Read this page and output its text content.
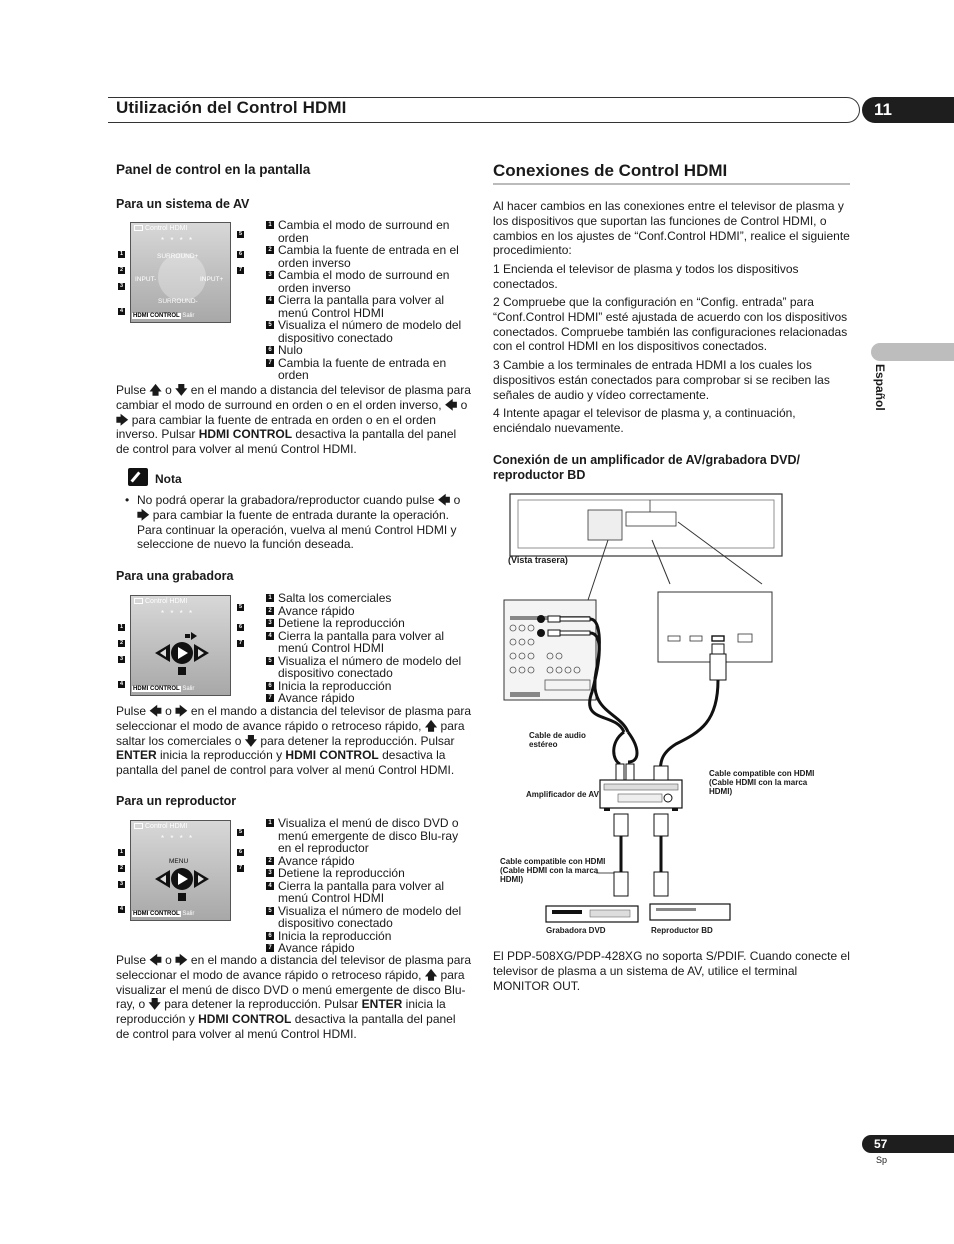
Utilización del Control HDMI	11
Panel de control en la pantalla
Para un sistema de AV
Control HDMI
* * * *
SURROUND+
INPUT-	INPUT+
SURROUND-
HDMI CONTROL Salir
1
2
3
4
5
6
7
1 Cambia el modo de surround en orden
2 Cambia la fuente de entrada en el orden inverso
3 Cambia el modo de surround en orden inverso
4 Cierra la pantalla para volver al menú Control HDMI
5 Visualiza el número de modelo del dispositivo conectado
6 Nulo
7 Cambia la fuente de entrada en orden
Pulse 🡅 o 🡇 en el mando a distancia del televisor de plasma para cambiar el modo de surround en orden o en el orden inverso, 🡄 o 🡆 para cambiar la fuente de entrada en orden o en el orden inverso. Pulsar HDMI CONTROL desactiva la pantalla del panel de control para volver al menú Control HDMI.
Nota
• No podrá operar la grabadora/reproductor cuando pulse 🡄 o 🡆 para cambiar la fuente de entrada durante la operación. Para continuar la operación, vuelva al menú Control HDMI y seleccione de nuevo la función deseada.
Para una grabadora
Control HDMI
* * * *
HDMI CONTROL Salir
1
2
3
4
5
6
7
1 Salta los comerciales
2 Avance rápido
3 Detiene la reproducción
4 Cierra la pantalla para volver al menú Control HDMI
5 Visualiza el número de modelo del dispositivo conectado
6 Inicia la reproducción
7 Avance rápido
Pulse 🡄 o 🡆 en el mando a distancia del televisor de plasma para seleccionar el modo de avance rápido o retroceso rápido, 🡅 para saltar los comerciales o 🡇 para detener la reproducción. Pulsar ENTER inicia la reproducción y HDMI CONTROL desactiva la pantalla del panel de control para volver al menú Control HDMI.
Para un reproductor
Control HDMI
* * * *
MENU
HDMI CONTROL Salir
1
2
3
4
5
6
7
1 Visualiza el menú de disco DVD o menú emergente de disco Blu-ray en el reproductor
2 Avance rápido
3 Detiene la reproducción
4 Cierra la pantalla para volver al menú Control HDMI
5 Visualiza el número de modelo del dispositivo conectado
6 Inicia la reproducción
7 Avance rápido
Pulse 🡄 o 🡆 en el mando a distancia del televisor de plasma para seleccionar el modo de avance rápido o retroceso rápido, 🡅 para visualizar el menú de disco DVD o menú emergente de disco Blu-ray, o 🡇 para detener la reproducción. Pulsar ENTER inicia la reproducción y HDMI CONTROL desactiva la pantalla del panel de control para volver al menú Control HDMI.
Conexiones de Control HDMI
Al hacer cambios en las conexiones entre el televisor de plasma y los dispositivos que suportan las funciones de Control HDMI, o cambios en los ajustes de “Conf.Control HDMI”, realice el siguiente procedimiento:
1 Encienda el televisor de plasma y todos los dispositivos conectados.
2 Compruebe que la configuración en “Config. entrada” para “Conf.Control HDMI” esté ajustada de acuerdo con los dispositivos conectados. Compruebe también las configuraciones relacionadas con el control HDMI en los dispositivos conectados.
3 Cambie a los terminales de entrada HDMI a los cuales los dispositivos están conectados para comprobar si se reciben las señales de audio y vídeo correctamente.
4 Intente apagar el televisor de plasma y, a continuación, enciéndalo nuevamente.
Conexión de un amplificador de AV/grabadora DVD/ reproductor BD
(Vista trasera)
Cable de audio estéreo
Amplificador de AV
Cable compatible con HDMI (Cable HDMI con la marca HDMI)
Cable compatible con HDMI (Cable HDMI con la marca HDMI)
Grabadora DVD	Reproductor BD
El PDP-508XG/PDP-428XG no soporta S/PDIF. Cuando conecte el televisor de plasma a un sistema de AV, utilice el terminal MONITOR OUT.
Español
57
Sp
